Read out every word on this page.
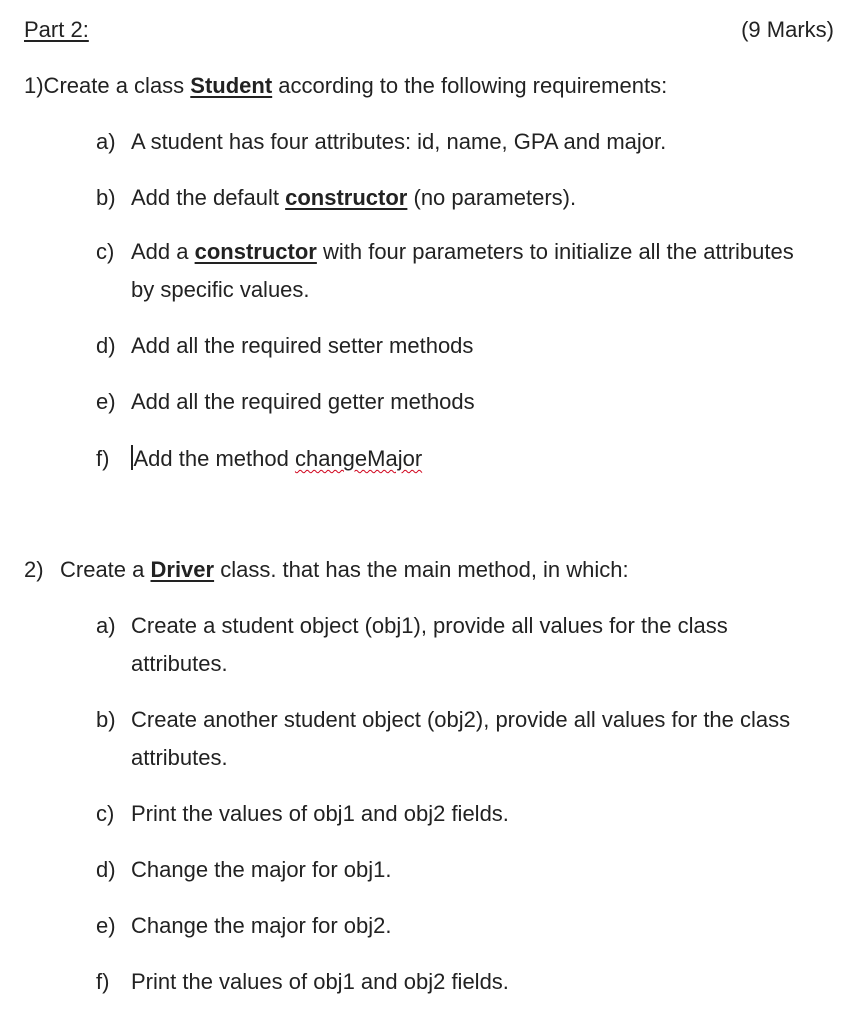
Part 2:	(9 Marks)
1)Create a class Student according to the following requirements:
a) A student has four attributes: id, name, GPA and major.
b) Add the default constructor (no parameters).
c) Add a constructor with four parameters to initialize all the attributes
by specific values.
d) Add all the required setter methods
e) Add all the required getter methods
f) Add the method changeMajor
2) Create a Driver class. that has the main method, in which:
a) Create a student object (obj1), provide all values for the class
attributes.
b) Create another student object (obj2), provide all values for the class
attributes.
c) Print the values of obj1 and obj2 fields.
d) Change the major for obj1.
e) Change the major for obj2.
f) Print the values of obj1 and obj2 fields.
